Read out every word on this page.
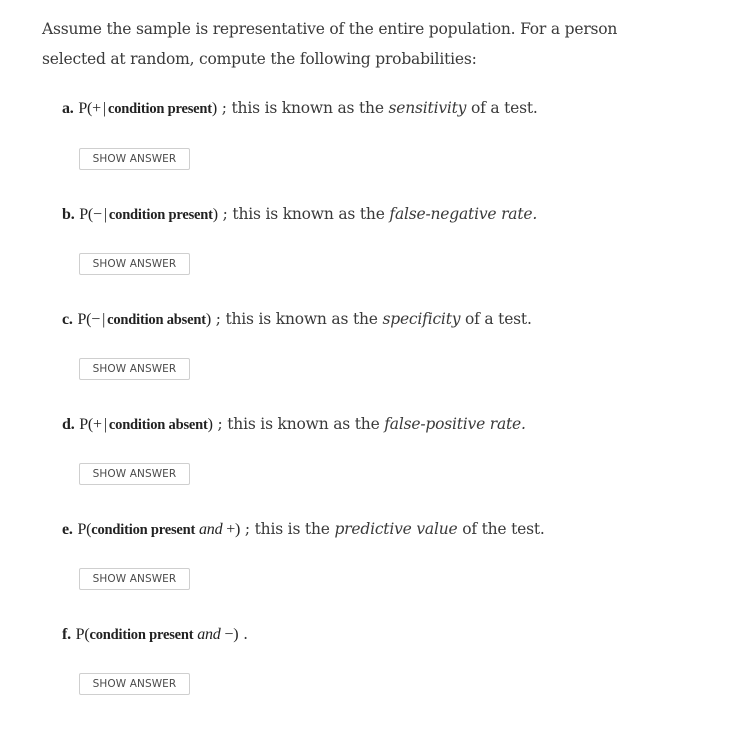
Assume the sample is representative of the entire population. For a person selected at random, compute the following probabilities:
a. P(+ | condition present) ; this is known as the sensitivity of a test.
SHOW ANSWER
b. P(− | condition present) ; this is known as the false-negative rate.
SHOW ANSWER
c. P(− | condition absent) ; this is known as the specificity of a test.
SHOW ANSWER
d. P(+ | condition absent) ; this is known as the false-positive rate.
SHOW ANSWER
e. P(condition present and +) ; this is the predictive value of the test.
SHOW ANSWER
f. P(condition present and −) .
SHOW ANSWER
